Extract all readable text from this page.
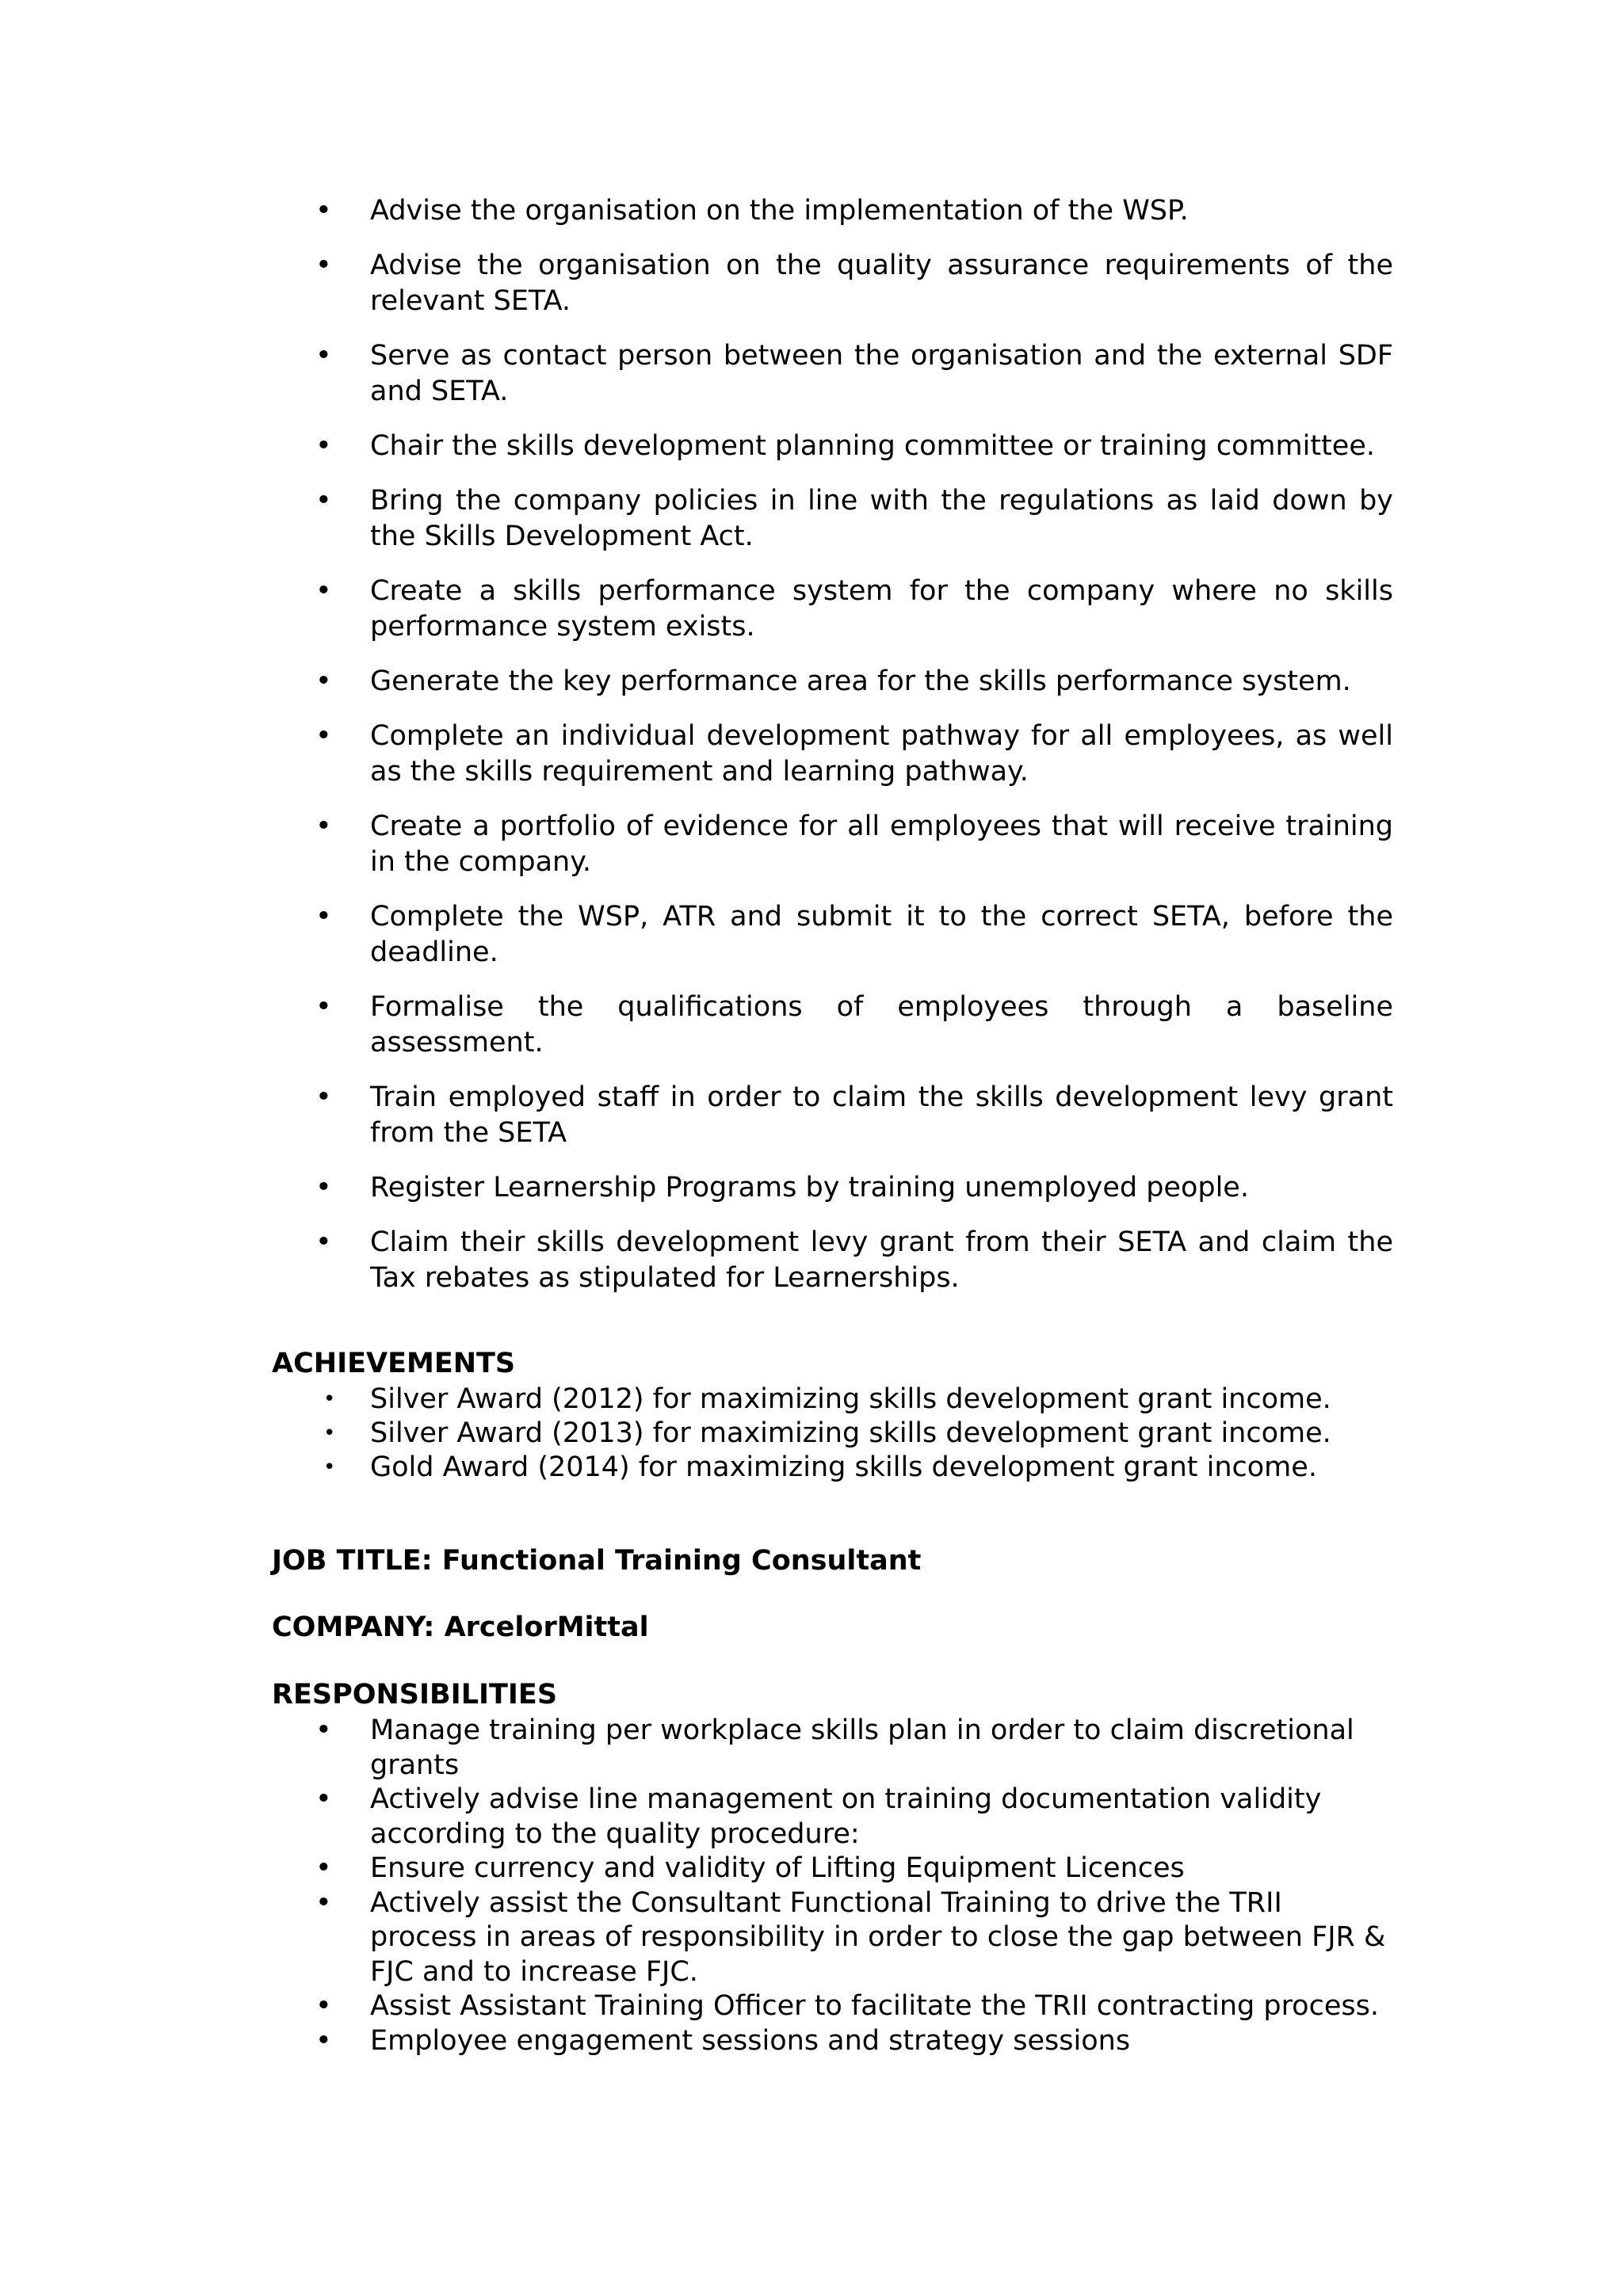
•	Advise the organisation on the implementation of the WSP.
•	Advise the organisation on the quality assurance requirements of the relevant SETA.
•	Serve as contact person between the organisation and the external SDF and SETA.
•	Chair the skills development planning committee or training committee.
•	Bring the company policies in line with the regulations as laid down by the Skills Development Act.
•	Create a skills performance system for the company where no skills performance system exists.
•	Generate the key performance area for the skills performance system.
•	Complete an individual development pathway for all employees, as well as the skills requirement and learning pathway.
•	Create a portfolio of evidence for all employees that will receive training in the company.
•	Complete the WSP, ATR and submit it to the correct SETA, before the deadline.
•	Formalise the qualifications of employees through a baseline assessment.
•	Train employed staff in order to claim the skills development levy grant from the SETA
•	Register Learnership Programs by training unemployed people.
•	Claim their skills development levy grant from their SETA and claim the Tax rebates as stipulated for Learnerships.
ACHIEVEMENTS
• Silver Award (2012) for maximizing skills development grant income.
• Silver Award (2013) for maximizing skills development grant income.
• Gold Award (2014) for maximizing skills development grant income.
JOB TITLE: Functional Training Consultant
COMPANY: ArcelorMittal
RESPONSIBILITIES
• Manage training per workplace skills plan in order to claim discretional grants
• Actively advise line management on training documentation validity according to the quality procedure:
• Ensure currency and validity of Lifting Equipment Licences
• Actively assist the Consultant Functional Training to drive the TRII process in areas of responsibility in order to close the gap between FJR & FJC and to increase FJC.
• Assist Assistant Training Officer to facilitate the TRII contracting process.
• Employee engagement sessions and strategy sessions
